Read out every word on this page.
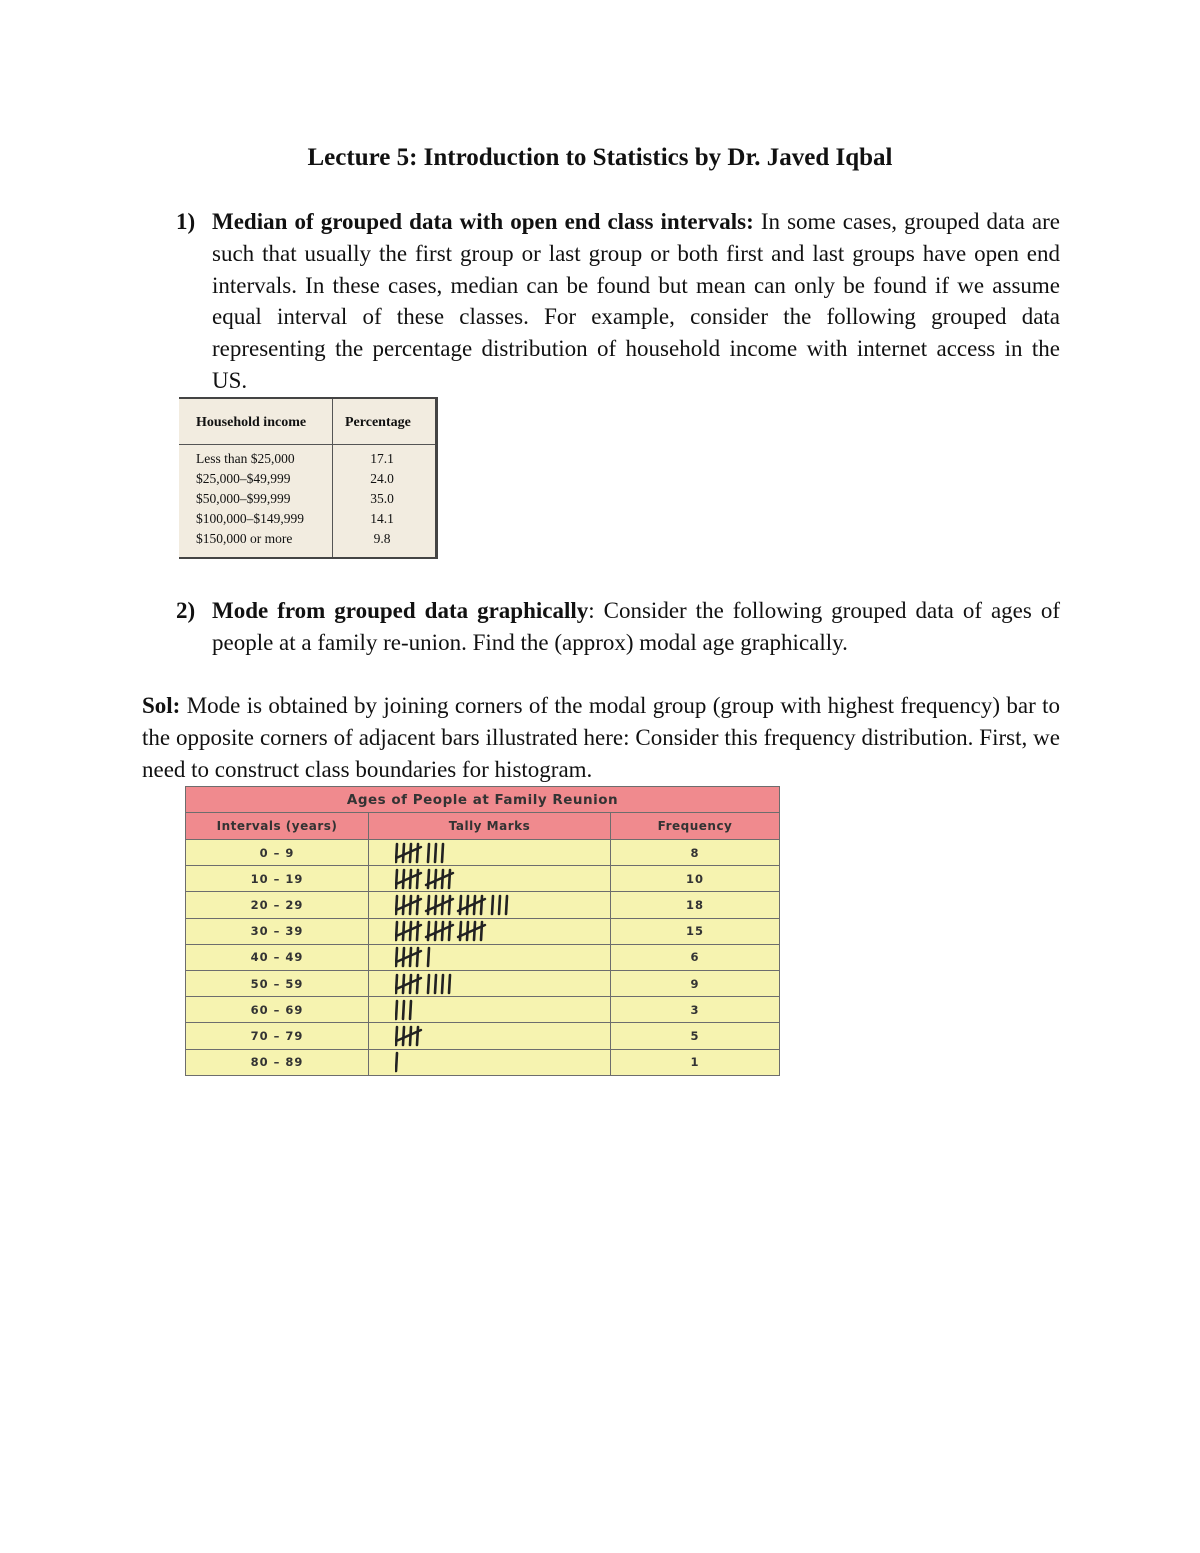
Lecture 5: Introduction to Statistics by Dr. Javed Iqbal
1) Median of grouped data with open end class intervals: In some cases, grouped data are such that usually the first group or last group or both first and last groups have open end intervals. In these cases, median can be found but mean can only be found if we assume equal interval of these classes. For example, consider the following grouped data representing the percentage distribution of household income with internet access in the US.
Household income	Percentage
Less than $25,000	17.1
$25,000–$49,999	24.0
$50,000–$99,999	35.0
$100,000–$149,999	14.1
$150,000 or more	9.8
2) Mode from grouped data graphically: Consider the following grouped data of ages of people at a family re-union. Find the (approx) modal age graphically.
Sol: Mode is obtained by joining corners of the modal group (group with highest frequency) bar to the opposite corners of adjacent bars illustrated here: Consider this frequency distribution. First, we need to construct class boundaries for histogram.
Ages of People at Family Reunion		
Intervals (years)	Tally Marks	Frequency
0 – 9		8
10 – 19		10
20 – 29		18
30 – 39		15
40 – 49		6
50 – 59		9
60 – 69		3
70 – 79		5
80 – 89		1
